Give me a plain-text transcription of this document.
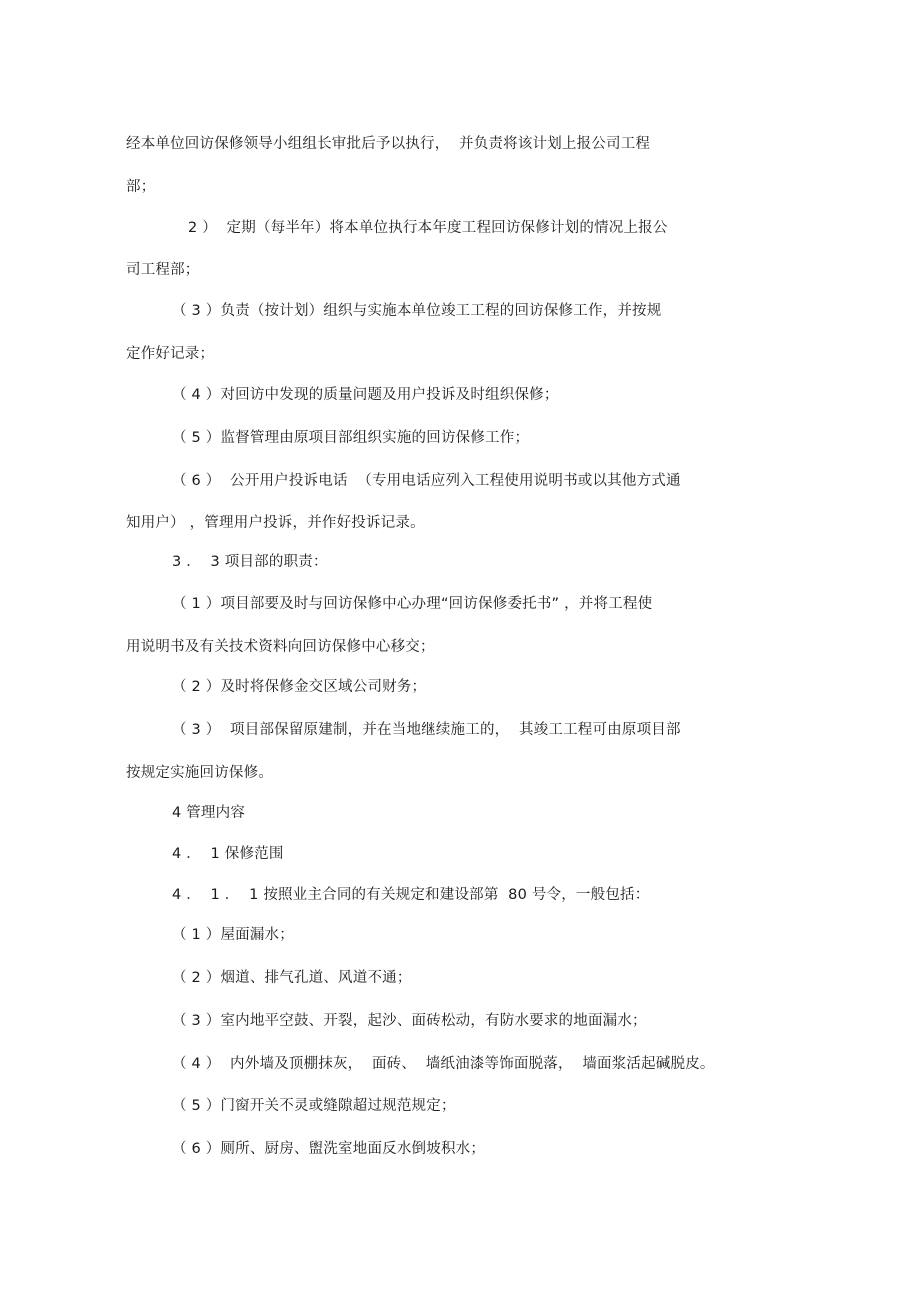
经本单位回访保修领导小组组长审批后予以执行，  并负责将该计划上报公司工程
部；
2 ）  定期（每半年）将本单位执行本年度工程回访保修计划的情况上报公
司工程部；
（ 3 ）负责（按计划）组织与实施本单位竣工工程的回访保修工作，并按规
定作好记录；
（ 4 ）对回访中发现的质量问题及用户投诉及时组织保修；
（ 5 ）监督管理由原项目部组织实施的回访保修工作；
（ 6 ）  公开用户投诉电话  （专用电话应列入工程使用说明书或以其他方式通
知用户） ，管理用户投诉，并作好投诉记录。
3 ．  3 项目部的职责：
（ 1 ）项目部要及时与回访保修中心办理“回访保修委托书” ，并将工程使
用说明书及有关技术资料向回访保修中心移交；
（ 2 ）及时将保修金交区域公司财务；
（ 3 ）  项目部保留原建制，并在当地继续施工的，  其竣工工程可由原项目部
按规定实施回访保修。
4 管理内容
4 ．  1 保修范围
4 ．  1 ．  1 按照业主合同的有关规定和建设部第  80 号令，一般包括：
（ 1 ）屋面漏水；
（ 2 ）烟道、排气孔道、风道不通；
（ 3 ）室内地平空鼓、开裂，起沙、面砖松动，有防水要求的地面漏水；
（ 4 ）  内外墙及顶棚抹灰，  面砖、  墙纸油漆等饰面脱落，  墙面浆活起碱脱皮。
（ 5 ）门窗开关不灵或缝隙超过规范规定；
（ 6 ）厕所、厨房、盥洗室地面反水倒坡积水；
